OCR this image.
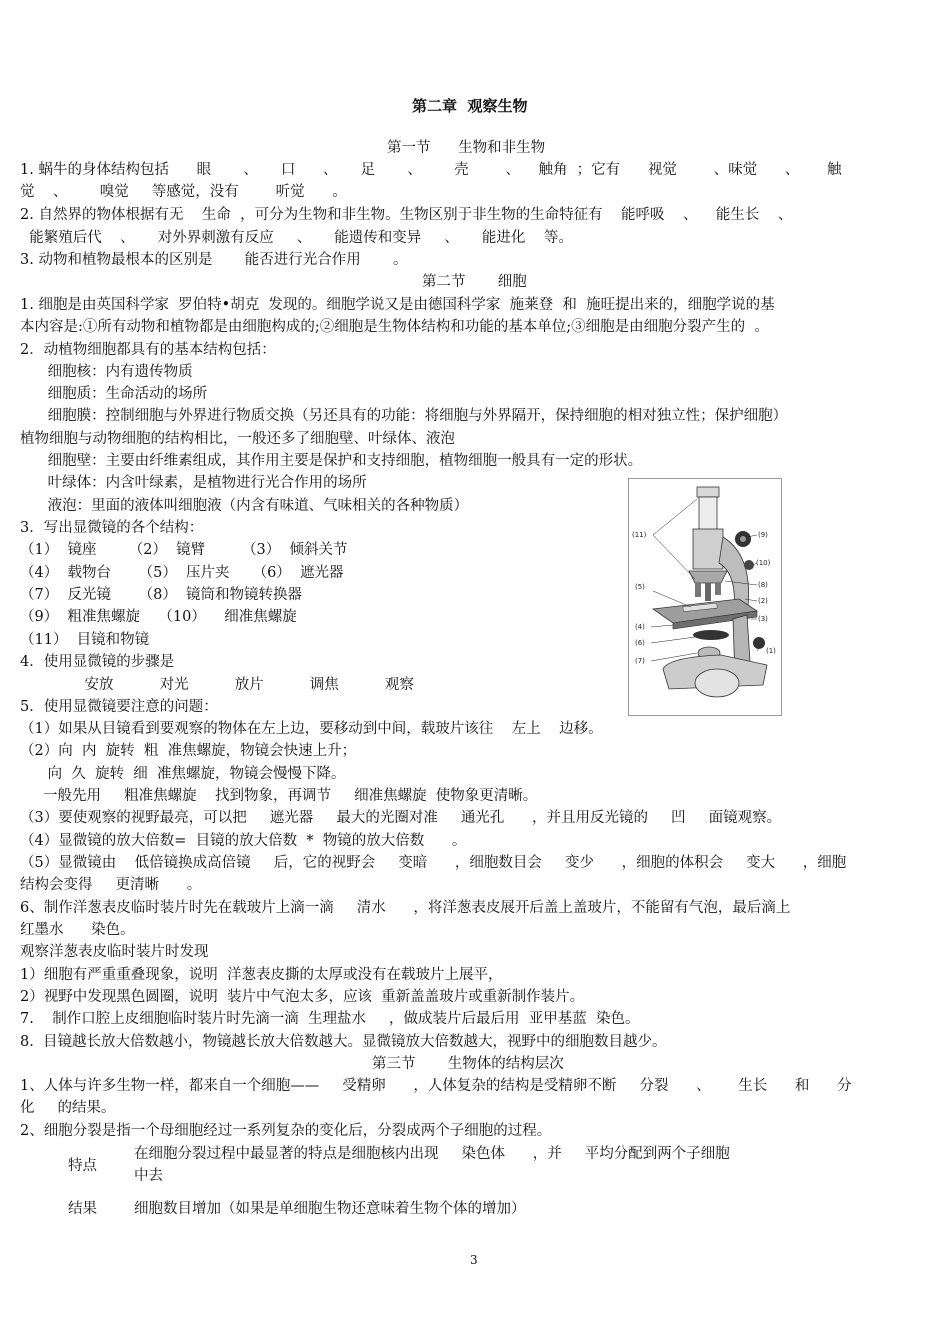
第二章  观察生物
第一节      生物和非生物
1. 蜗牛的身体结构包括      眼       、     口      、     足       、       壳        、    触角  ；它有      视觉        、味觉      、      触
觉    、       嗅觉     等感觉，没有        听觉      。
2. 自然界的物体根据有无    生命  ，可分为生物和非生物。生物区别于非生物的生命特征有    能呼吸    、    能生长    、
能繁殖后代    、     对外界刺激有反应     、     能遗传和变异     、     能进化    等。
3. 动物和植物最根本的区别是       能否进行光合作用       。
第二节       细胞
1. 细胞是由英国科学家  罗伯特•胡克  发现的。细胞学说又是由德国科学家  施莱登  和  施旺提出来的，细胞学说的基
本内容是:①所有动物和植物都是由细胞构成的;②细胞是生物体结构和功能的基本单位;③细胞是由细胞分裂产生的  。
2．动植物细胞都具有的基本结构包括：
细胞核：内有遗传物质
细胞质：生命活动的场所
细胞膜：控制细胞与外界进行物质交换（另还具有的功能：将细胞与外界隔开，保持细胞的相对独立性；保护细胞）
植物细胞与动物细胞的结构相比，一般还多了细胞壁、叶绿体、液泡
细胞壁：主要由纤维素组成，其作用主要是保护和支持细胞，植物细胞一般具有一定的形状。
叶绿体：内含叶绿素，是植物进行光合作用的场所
液泡：里面的液体叫细胞液（内含有味道、气味相关的各种物质）
3．写出显微镜的各个结构：
（1）  镜座       （2）  镜臂        （3）  倾斜关节
（4）  载物台      （5）  压片夹     （6）  遮光器
（7）  反光镜      （8）  镜筒和物镜转换器
（9）  粗准焦螺旋    （10）    细准焦螺旋
（11）  目镜和物镜
4．使用显微镜的步骤是
安放          对光          放片          调焦          观察
5．使用显微镜要注意的问题：
（1）如果从目镜看到要观察的物体在左上边，要移动到中间，载玻片该往    左上    边移。
（2）向  内  旋转  粗  准焦螺旋，物镜会快速上升；
向  久  旋转  细  准焦螺旋，物镜会慢慢下降。
一般先用     粗准焦螺旋    找到物象，再调节     细准焦螺旋  使物象更清晰。
（3）要使观察的视野最亮，可以把     遮光器     最大的光圈对准     通光孔      ，并且用反光镜的     凹     面镜观察。
（4）显微镜的放大倍数=  目镜的放大倍数  *  物镜的放大倍数      。
（5）显微镜由    低倍镜换成高倍镜     后，它的视野会     变暗      ，细胞数目会     变少      ，细胞的体积会     变大      ，细胞
结构会变得     更清晰      。
6、制作洋葱表皮临时装片时先在载玻片上滴一滴     清水      ，将洋葱表皮展开后盖上盖玻片，不能留有气泡，最后滴上
红墨水      染色。
观察洋葱表皮临时装片时发现
1）细胞有严重重叠现象，说明  洋葱表皮撕的太厚或没有在载玻片上展平，
2）视野中发现黑色圆圈，说明  装片中气泡太多，应该  重新盖盖玻片或重新制作装片。
7.    制作口腔上皮细胞临时装片时先滴一滴  生理盐水     ，做成装片后最后用  亚甲基蓝  染色。
8.  目镜越长放大倍数越小，物镜越长放大倍数越大。显微镜放大倍数越大，视野中的细胞数目越少。
第三节       生物体的结构层次
1、人体与许多生物一样，都来自一个细胞——     受精卵      ，人体复杂的结构是受精卵不断     分裂      、      生长      和      分
化     的结果。
2、细胞分裂是指一个母细胞经过一系列复杂的变化后，分裂成两个子细胞的过程。
特点
在细胞分裂过程中最显著的特点是细胞核内出现     染色体      ，并     平均分配到两个子细胞
中去
结果	细胞数目增加（如果是单细胞生物还意味着生物个体的增加）
3
(11)
(5)
(4)
(6)
(7)
(9)
(10)
(8)
(2)
(3)
(1)
